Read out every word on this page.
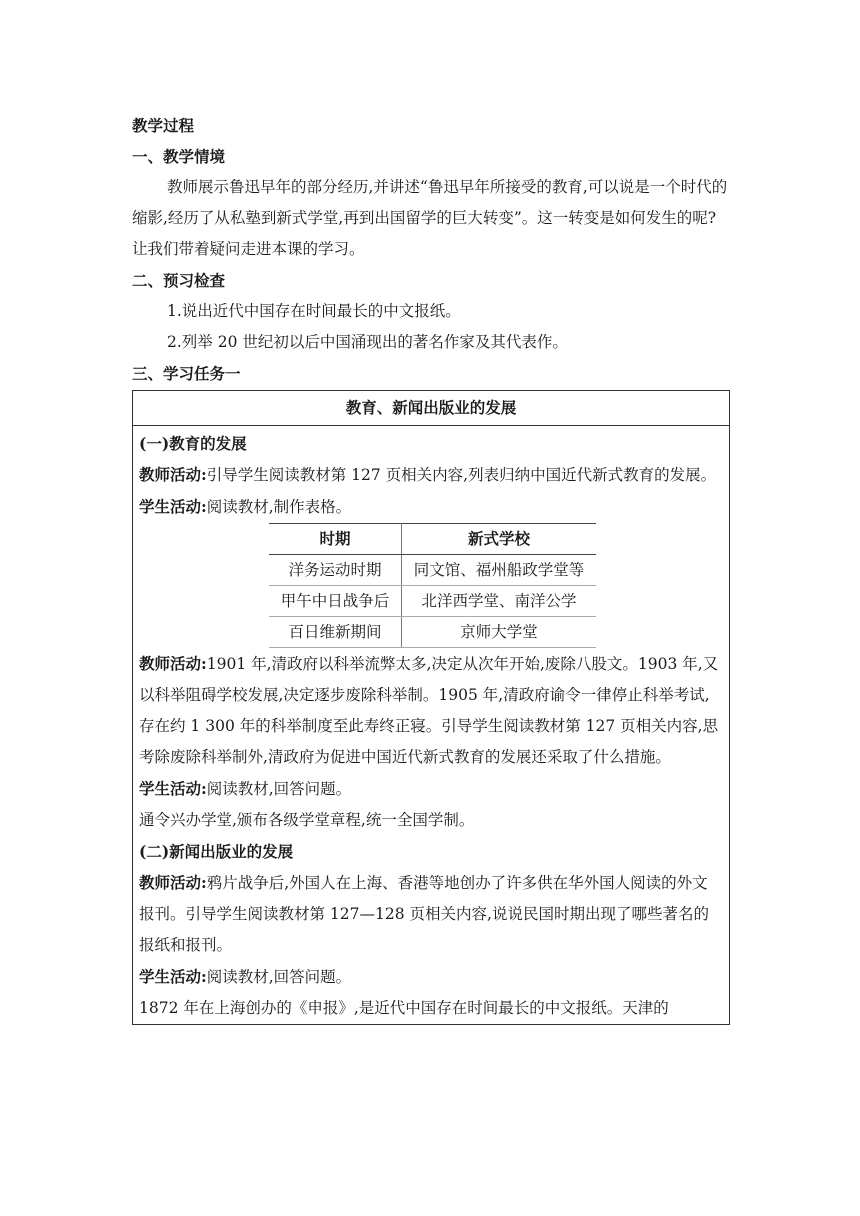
教学过程

一、教学情境

教师展示鲁迅早年的部分经历,并讲述“鲁迅早年所接受的教育,可以说是一个时代的缩影,经历了从私塾到新式学堂,再到出国留学的巨大转变”。这一转变是如何发生的呢?让我们带着疑问走进本课的学习。

二、预习检查

1.说出近代中国存在时间最长的中文报纸。

2.列举 20 世纪初以后中国涌现出的著名作家及其代表作。

三、学习任务一

教育、新闻出版业的发展

(一)教育的发展

教师活动:引导学生阅读教材第 127 页相关内容,列表归纳中国近代新式教育的发展。

学生活动:阅读教材,制作表格。

时期	新式学校
洋务运动时期	同文馆、福州船政学堂等
甲午中日战争后	北洋西学堂、南洋公学
百日维新期间	京师大学堂

教师活动:1901 年,清政府以科举流弊太多,决定从次年开始,废除八股文。1903 年,又以科举阻碍学校发展,决定逐步废除科举制。1905 年,清政府谕令一律停止科举考试,存在约 1 300 年的科举制度至此寿终正寝。引导学生阅读教材第 127 页相关内容,思考除废除科举制外,清政府为促进中国近代新式教育的发展还采取了什么措施。

学生活动:阅读教材,回答问题。

通令兴办学堂,颁布各级学堂章程,统一全国学制。

(二)新闻出版业的发展

教师活动:鸦片战争后,外国人在上海、香港等地创办了许多供在华外国人阅读的外文报刊。引导学生阅读教材第 127—128 页相关内容,说说民国时期出现了哪些著名的报纸和报刊。

学生活动:阅读教材,回答问题。

1872 年在上海创办的《申报》,是近代中国存在时间最长的中文报纸。天津的
